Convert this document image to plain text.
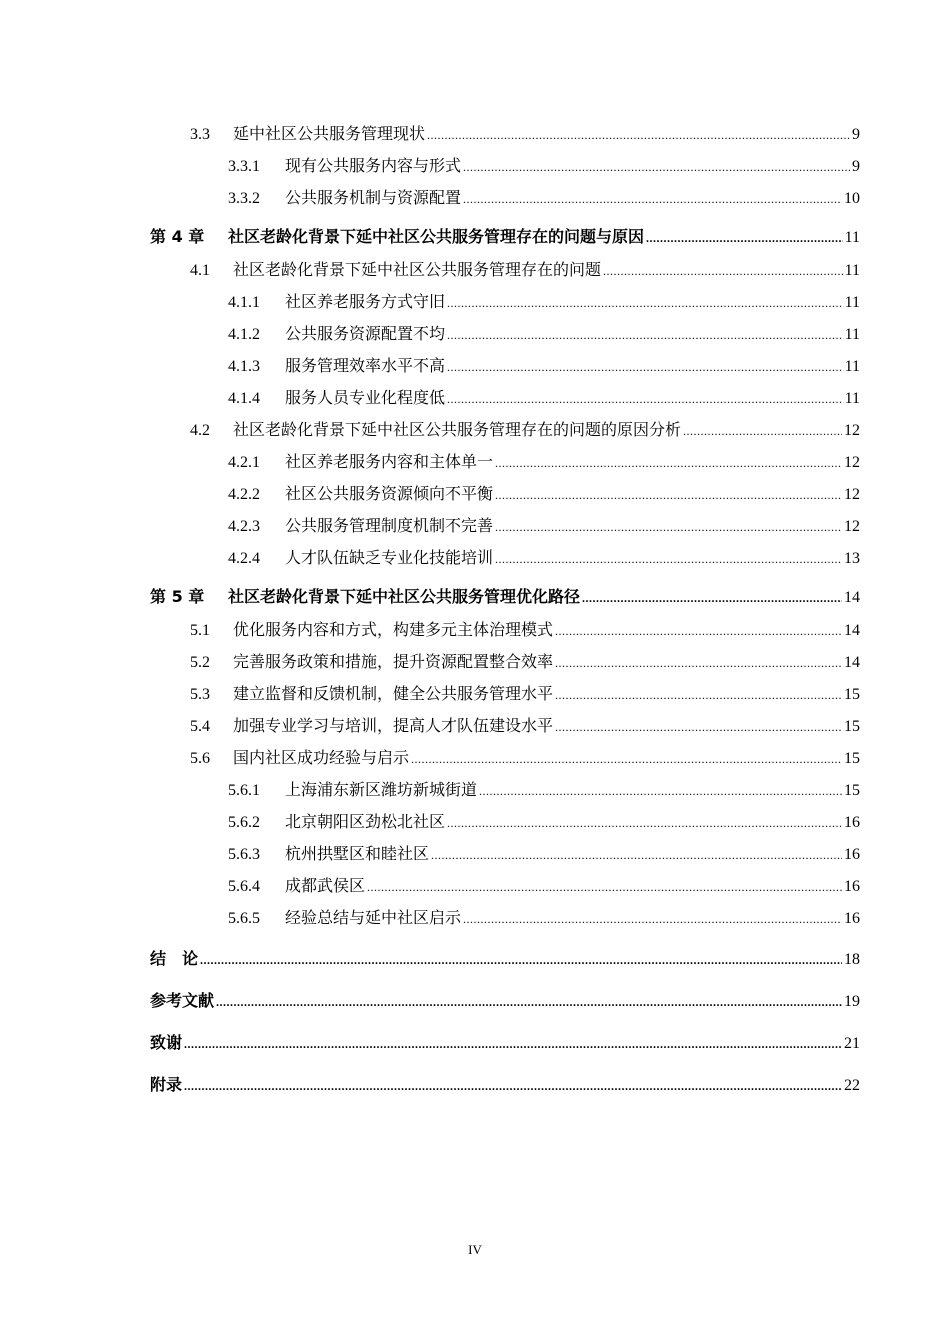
3.3	延中社区公共服务管理现状 .....	9
3.3.1	现有公共服务内容与形式 .....	9
3.3.2	公共服务机制与资源配置 .....	10
第 4 章	社区老龄化背景下延中社区公共服务管理存在的问题与原因 .....	11
4.1	社区老龄化背景下延中社区公共服务管理存在的问题 .....	11
4.1.1	社区养老服务方式守旧 .....	11
4.1.2	公共服务资源配置不均 .....	11
4.1.3	服务管理效率水平不高 .....	11
4.1.4	服务人员专业化程度低 .....	11
4.2	社区老龄化背景下延中社区公共服务管理存在的问题的原因分析 .....	12
4.2.1	社区养老服务内容和主体单一 .....	12
4.2.2	社区公共服务资源倾向不平衡 .....	12
4.2.3	公共服务管理制度机制不完善 .....	12
4.2.4	人才队伍缺乏专业化技能培训 .....	13
第 5 章	社区老龄化背景下延中社区公共服务管理优化路径 .....	14
5.1	优化服务内容和方式，构建多元主体治理模式 .....	14
5.2	完善服务政策和措施，提升资源配置整合效率 .....	14
5.3	建立监督和反馈机制，健全公共服务管理水平 .....	15
5.4	加强专业学习与培训，提高人才队伍建设水平 .....	15
5.6	国内社区成功经验与启示 .....	15
5.6.1	上海浦东新区潍坊新城街道 .....	15
5.6.2	北京朝阳区劲松北社区 .....	16
5.6.3	杭州拱墅区和睦社区 .....	16
5.6.4	成都武侯区 .....	16
5.6.5	经验总结与延中社区启示 .....	16
结　论 .....	18
参考文献 .....	19
致谢 .....	21
附录 .....	22
IV
